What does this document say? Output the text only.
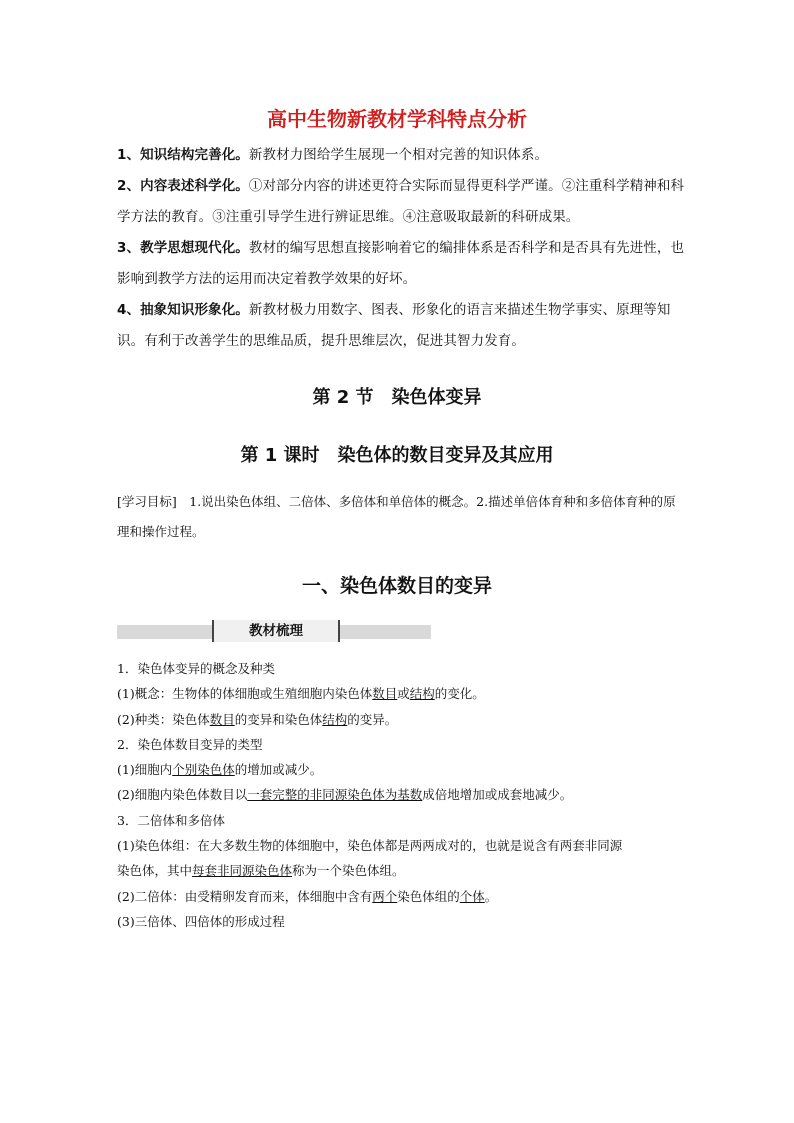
高中生物新教材学科特点分析

1、知识结构完善化。新教材力图给学生展现一个相对完善的知识体系。

2、内容表述科学化。①对部分内容的讲述更符合实际而显得更科学严谨。②注重科学精神和科学方法的教育。③注重引导学生进行辨证思维。④注意吸取最新的科研成果。

3、教学思想现代化。教材的编写思想直接影响着它的编排体系是否科学和是否具有先进性，也影响到教学方法的运用而决定着教学效果的好坏。

4、抽象知识形象化。新教材极力用数字、图表、形象化的语言来描述生物学事实、原理等知识。有利于改善学生的思维品质，提升思维层次，促进其智力发育。

第 2 节　染色体变异
第 1 课时　染色体的数目变异及其应用

[学习目标]　1.说出染色体组、二倍体、多倍体和单倍体的概念。2.描述单倍体育种和多倍体育种的原理和操作过程。

一、染色体数目的变异
教材梳理
1．染色体变异的概念及种类
(1)概念：生物体的体细胞或生殖细胞内染色体数目或结构的变化。
(2)种类：染色体数目的变异和染色体结构的变异。
2．染色体数目变异的类型
(1)细胞内个别染色体的增加或减少。
(2)细胞内染色体数目以一套完整的非同源染色体为基数成倍地增加或成套地减少。
3．二倍体和多倍体
(1)染色体组：在大多数生物的体细胞中，染色体都是两两成对的，也就是说含有两套非同源
染色体，其中每套非同源染色体称为一个染色体组。
(2)二倍体：由受精卵发育而来，体细胞中含有两个染色体组的个体。
(3)三倍体、四倍体的形成过程
